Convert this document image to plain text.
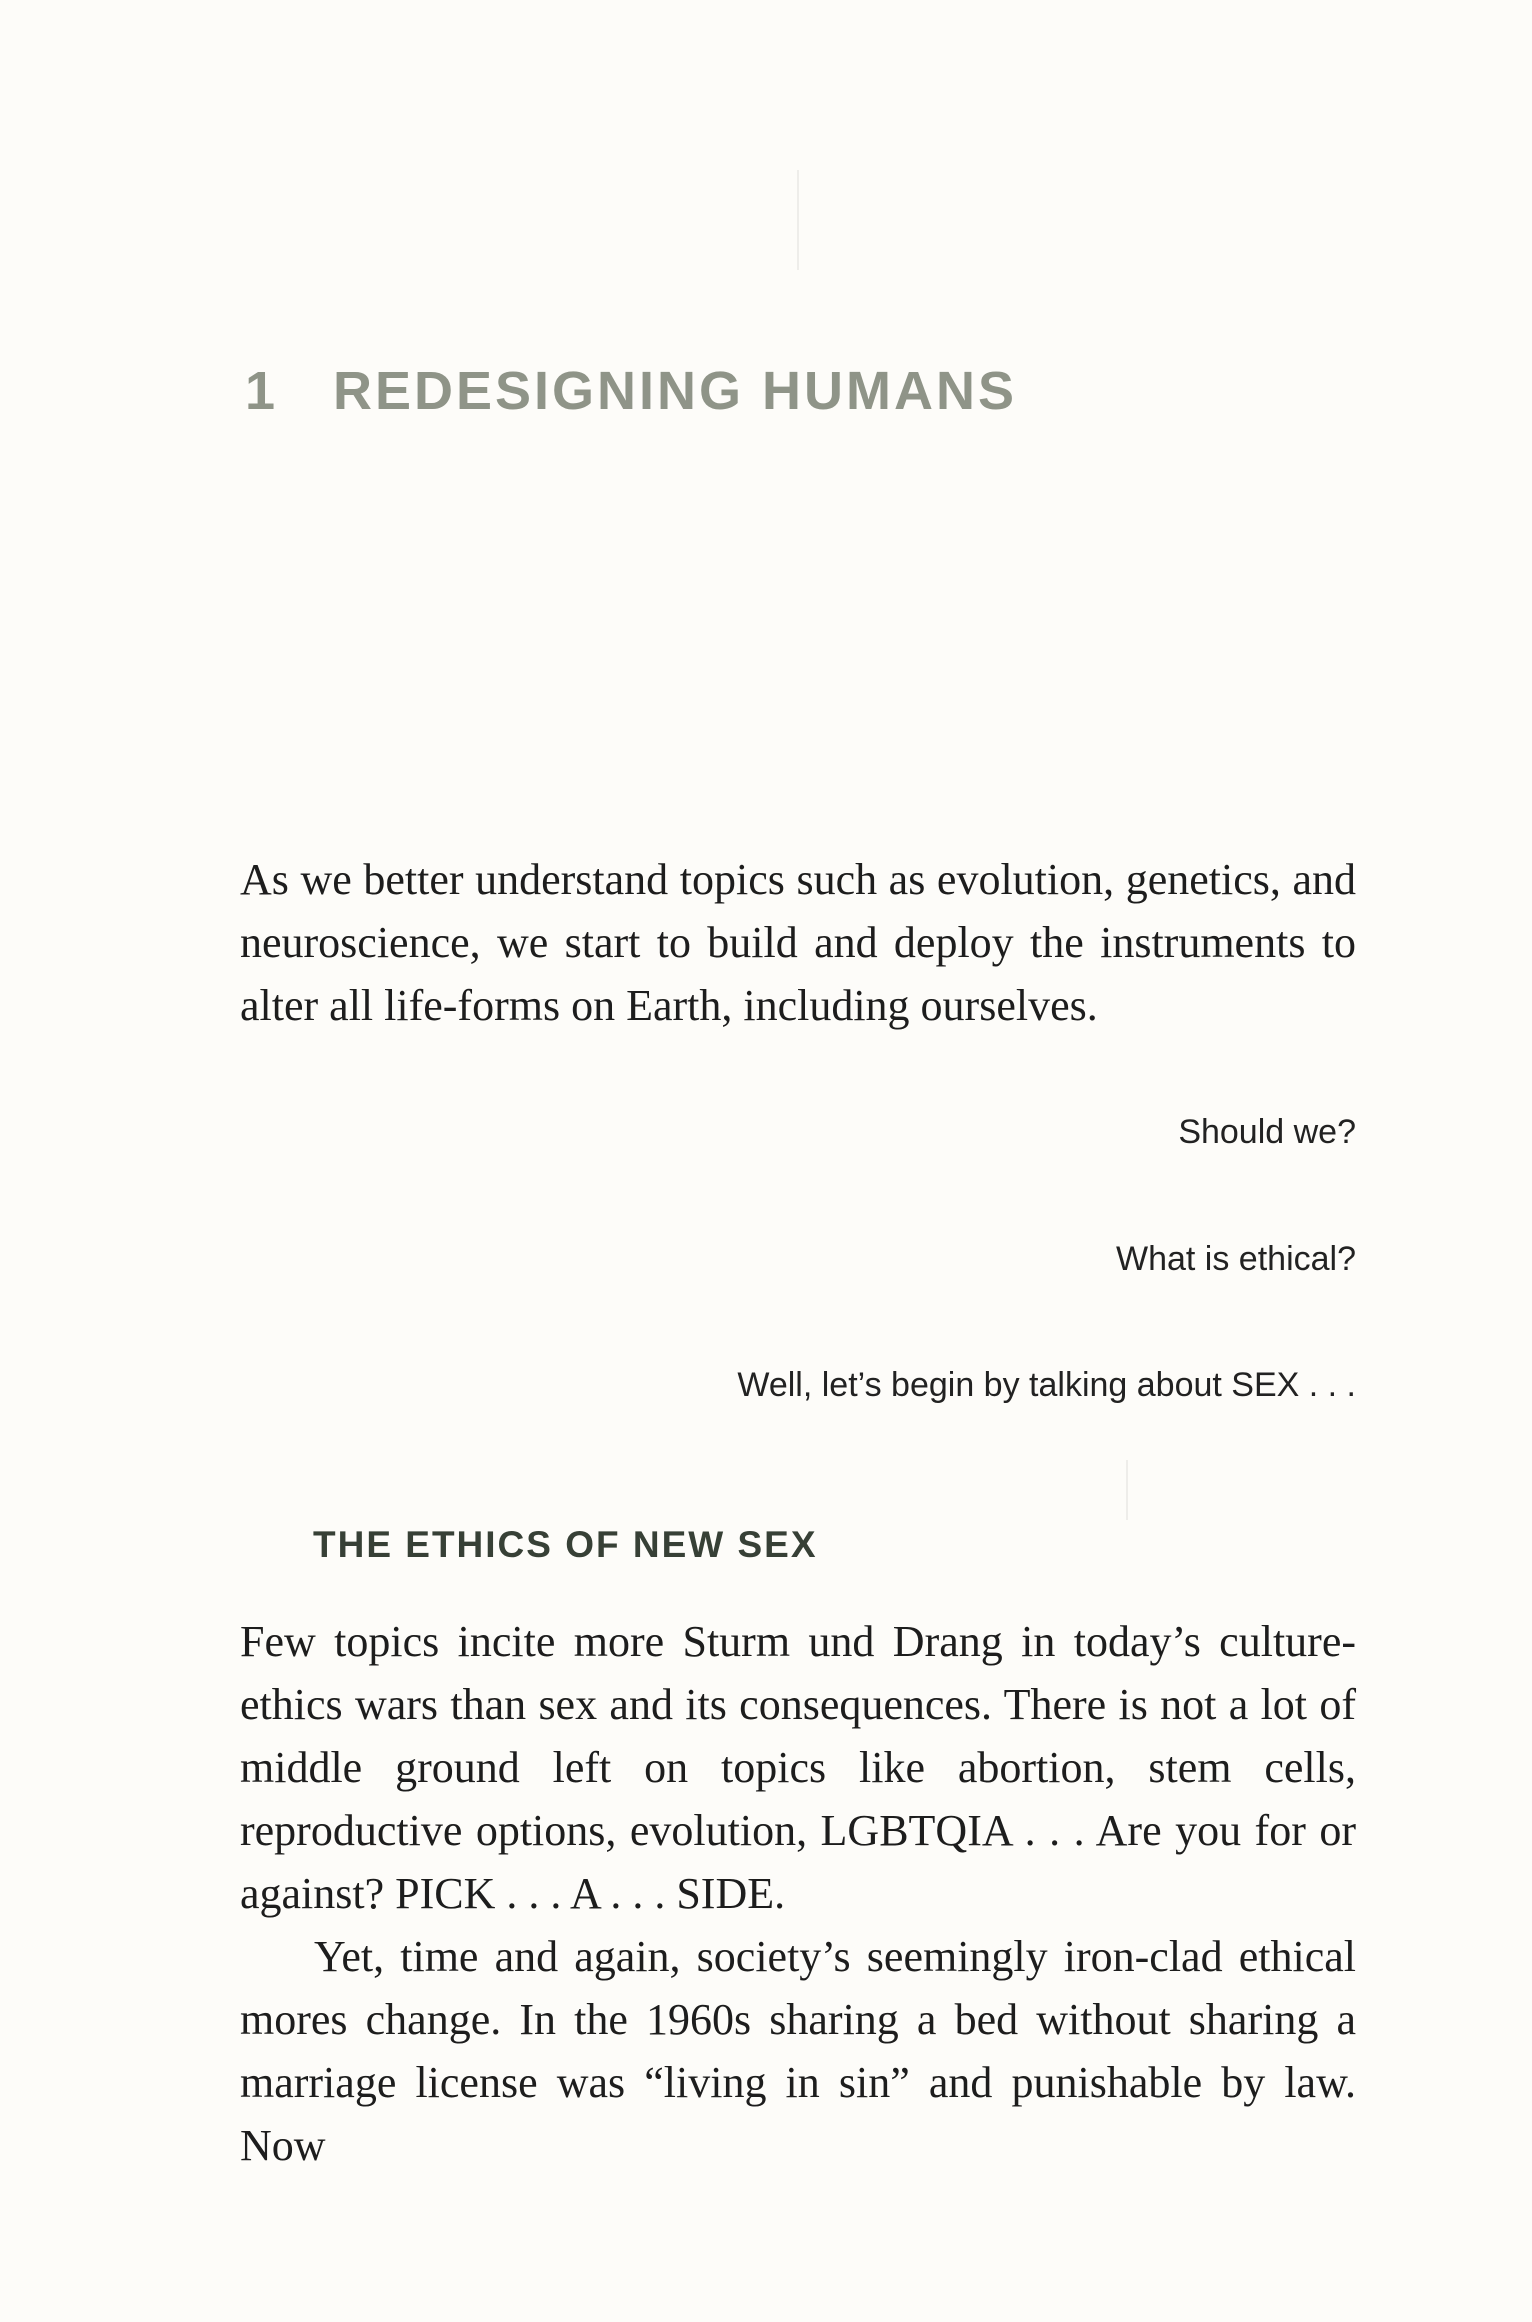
1 REDESIGNING HUMANS

As we better understand topics such as evolution, genetics, and neuroscience, we start to build and deploy the instruments to alter all life-forms on Earth, including ourselves.

Should we?
What is ethical?
Well, let’s begin by talking about SEX . . .
THE ETHICS OF NEW SEX

Few topics incite more Sturm und Drang in today’s culture-ethics wars than sex and its consequences. There is not a lot of middle ground left on topics like abortion, stem cells, reproductive options, evolution, LGBTQIA . . . Are you for or against? PICK . . . A . . . SIDE.

Yet, time and again, society’s seemingly iron-clad ethical mores change. In the 1960s sharing a bed without sharing a marriage license was “living in sin” and punishable by law. Now
